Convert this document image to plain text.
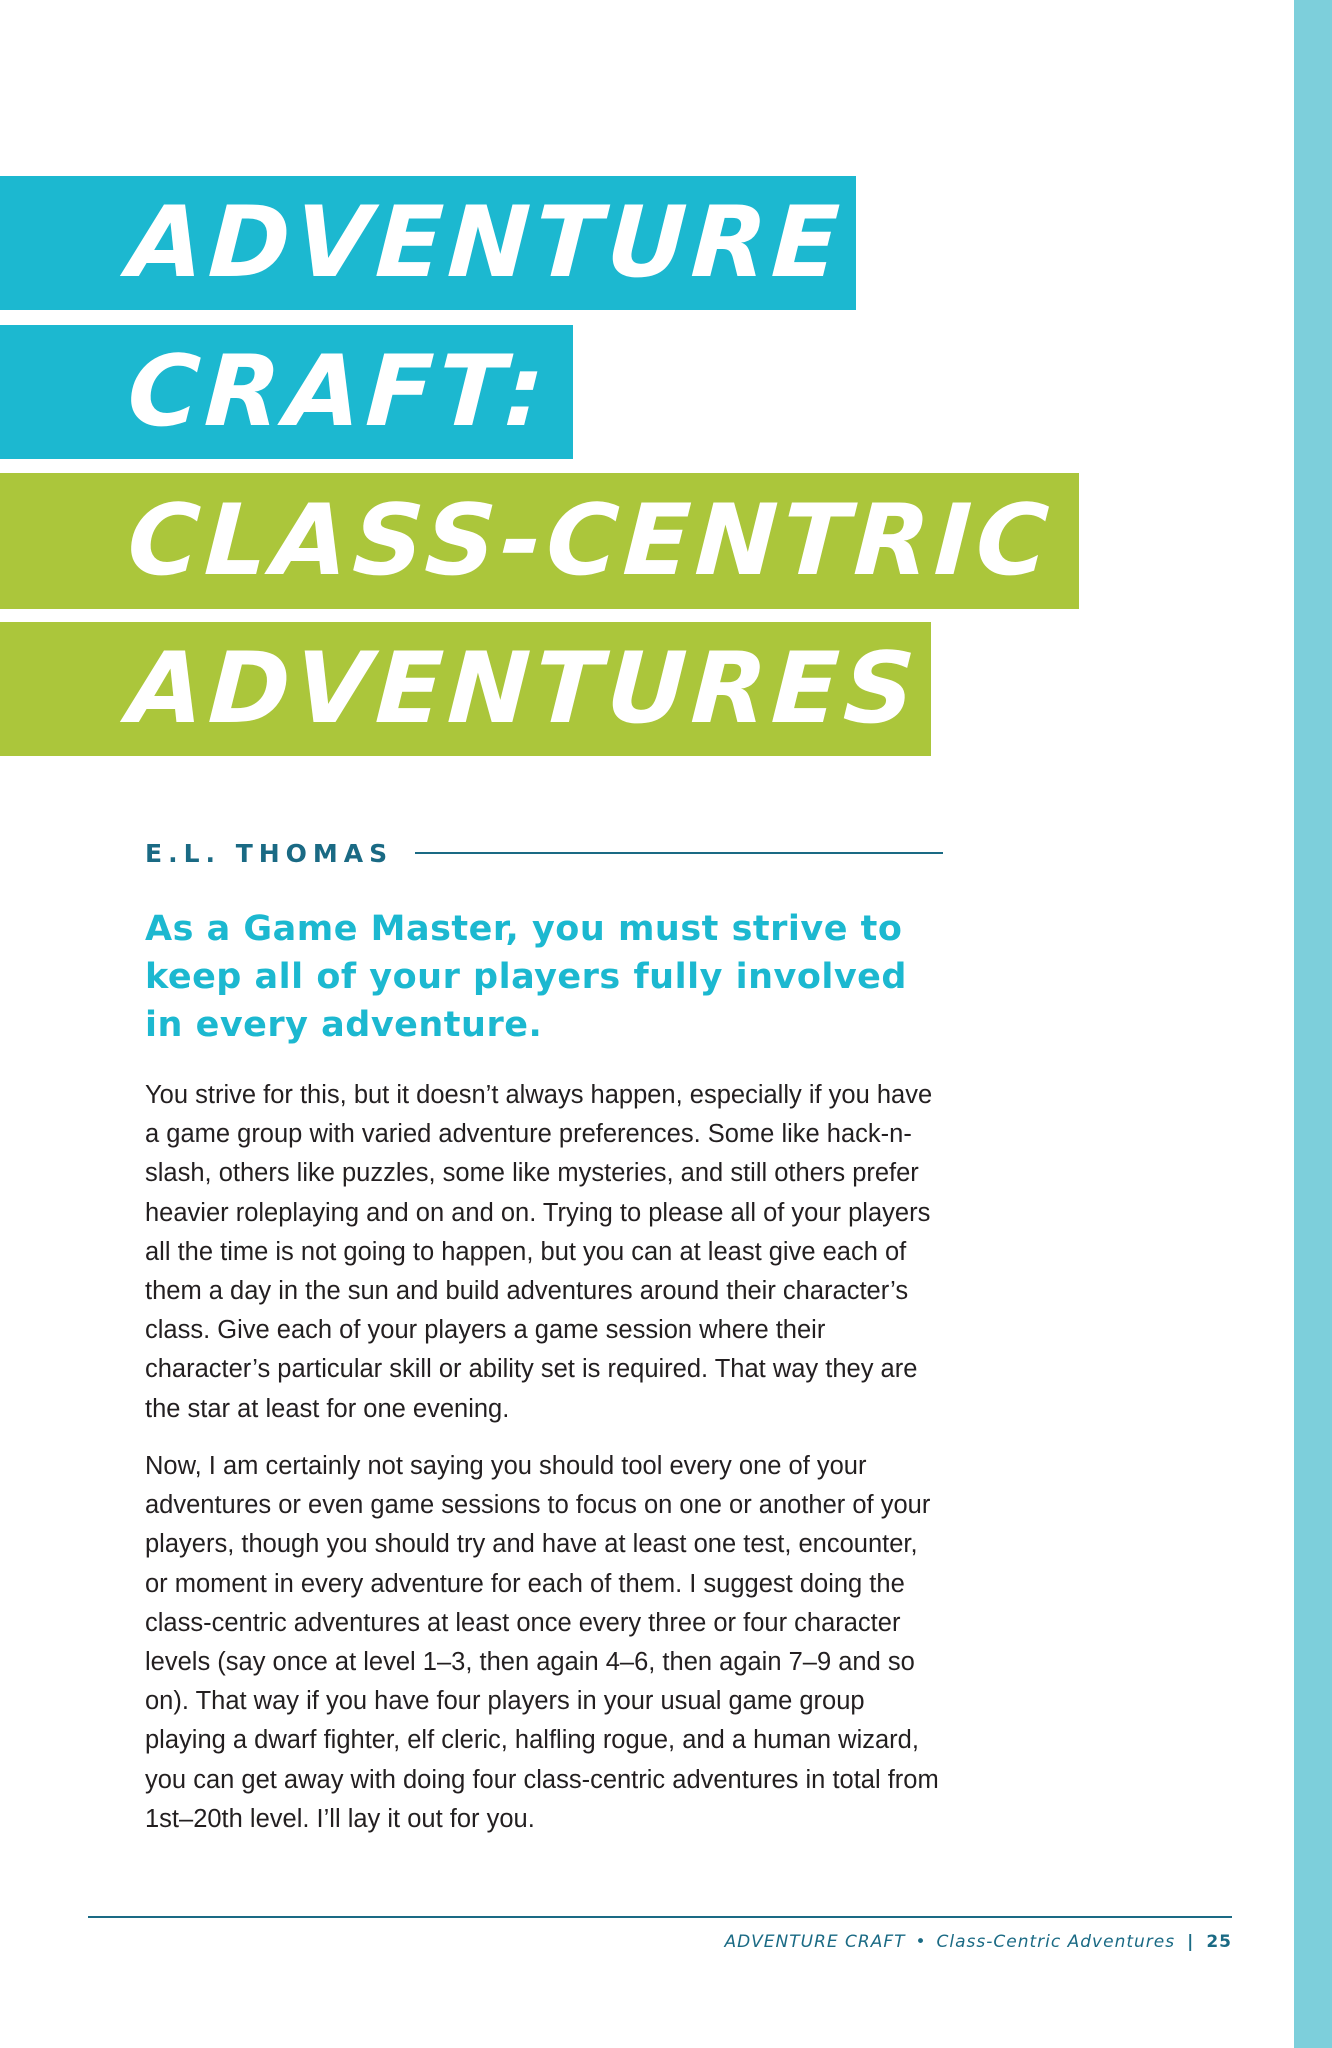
ADVENTURE
CRAFT:
CLASS-CENTRIC
ADVENTURES
E.L. THOMAS
As a Game Master, you must strive to keep all of your players fully involved in every adventure.

You strive for this, but it doesn’t always happen, especially if you have a game group with varied adventure preferences. Some like hack-n-slash, others like puzzles, some like mysteries, and still others prefer heavier roleplaying and on and on. Trying to please all of your players all the time is not going to happen, but you can at least give each of them a day in the sun and build adventures around their character’s class. Give each of your players a game session where their character’s particular skill or ability set is required. That way they are the star at least for one evening.

Now, I am certainly not saying you should tool every one of your adventures or even game sessions to focus on one or another of your players, though you should try and have at least one test, encounter, or moment in every adventure for each of them. I suggest doing the class-centric adventures at least once every three or four character levels (say once at level 1–3, then again 4–6, then again 7–9 and so on). That way if you have four players in your usual game group playing a dwarf fighter, elf cleric, halfling rogue, and a human wizard, you can get away with doing four class-centric adventures in total from 1st–20th level. I’ll lay it out for you.

ADVENTURE CRAFT • Class-Centric Adventures | 25
